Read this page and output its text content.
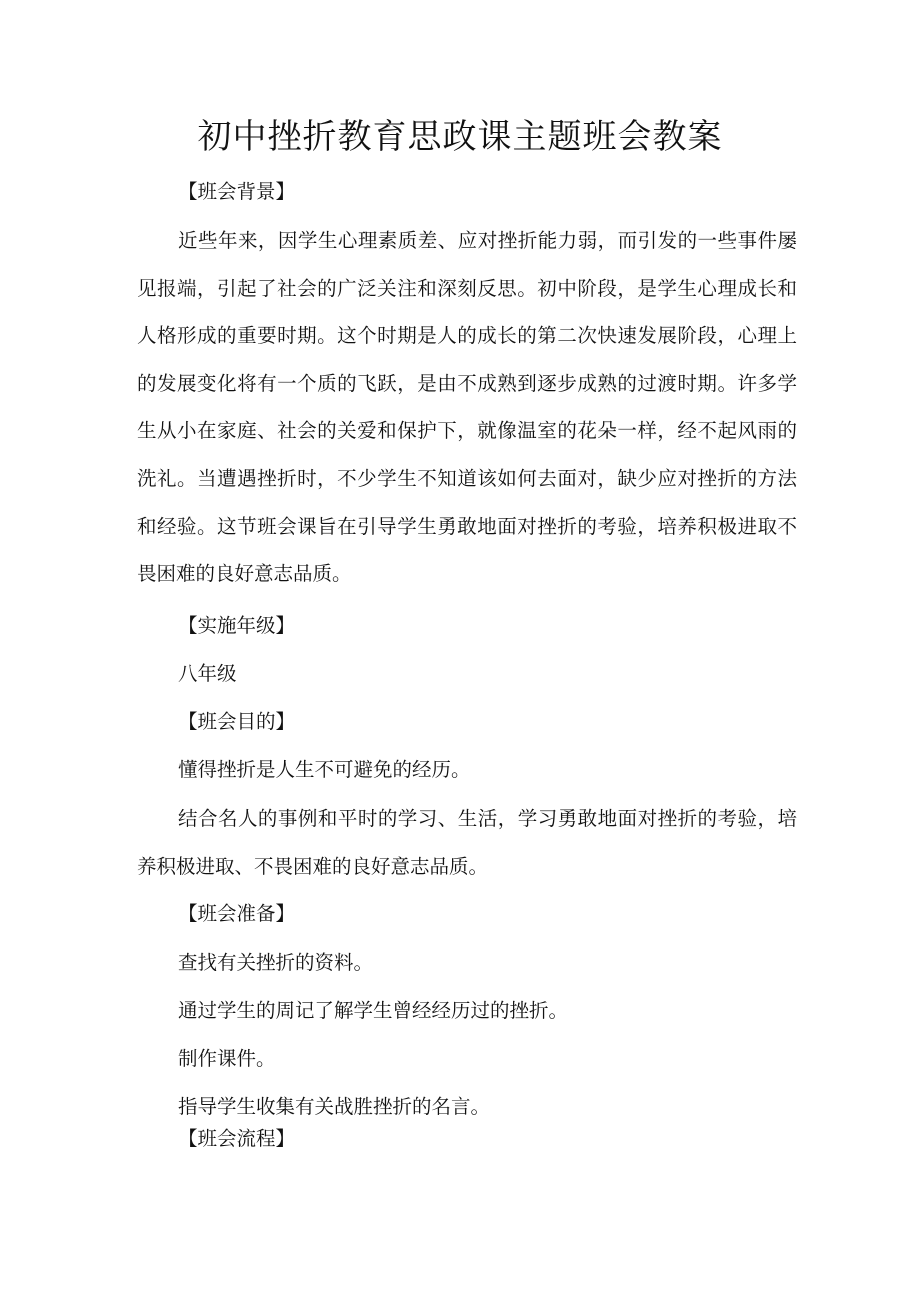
初中挫折教育思政课主题班会教案
【班会背景】
近些年来，因学生心理素质差、应对挫折能力弱，而引发的一些事件屡见报端，引起了社会的广泛关注和深刻反思。初中阶段，是学生心理成长和人格形成的重要时期。这个时期是人的成长的第二次快速发展阶段，心理上的发展变化将有一个质的飞跃，是由不成熟到逐步成熟的过渡时期。许多学生从小在家庭、社会的关爱和保护下，就像温室的花朵一样，经不起风雨的洗礼。当遭遇挫折时，不少学生不知道该如何去面对，缺少应对挫折的方法和经验。这节班会课旨在引导学生勇敢地面对挫折的考验，培养积极进取不畏困难的良好意志品质。
【实施年级】
八年级
【班会目的】
懂得挫折是人生不可避免的经历。
结合名人的事例和平时的学习、生活，学习勇敢地面对挫折的考验，培养积极进取、不畏困难的良好意志品质。
【班会准备】
查找有关挫折的资料。
通过学生的周记了解学生曾经经历过的挫折。
制作课件。
指导学生收集有关战胜挫折的名言。
【班会流程】
